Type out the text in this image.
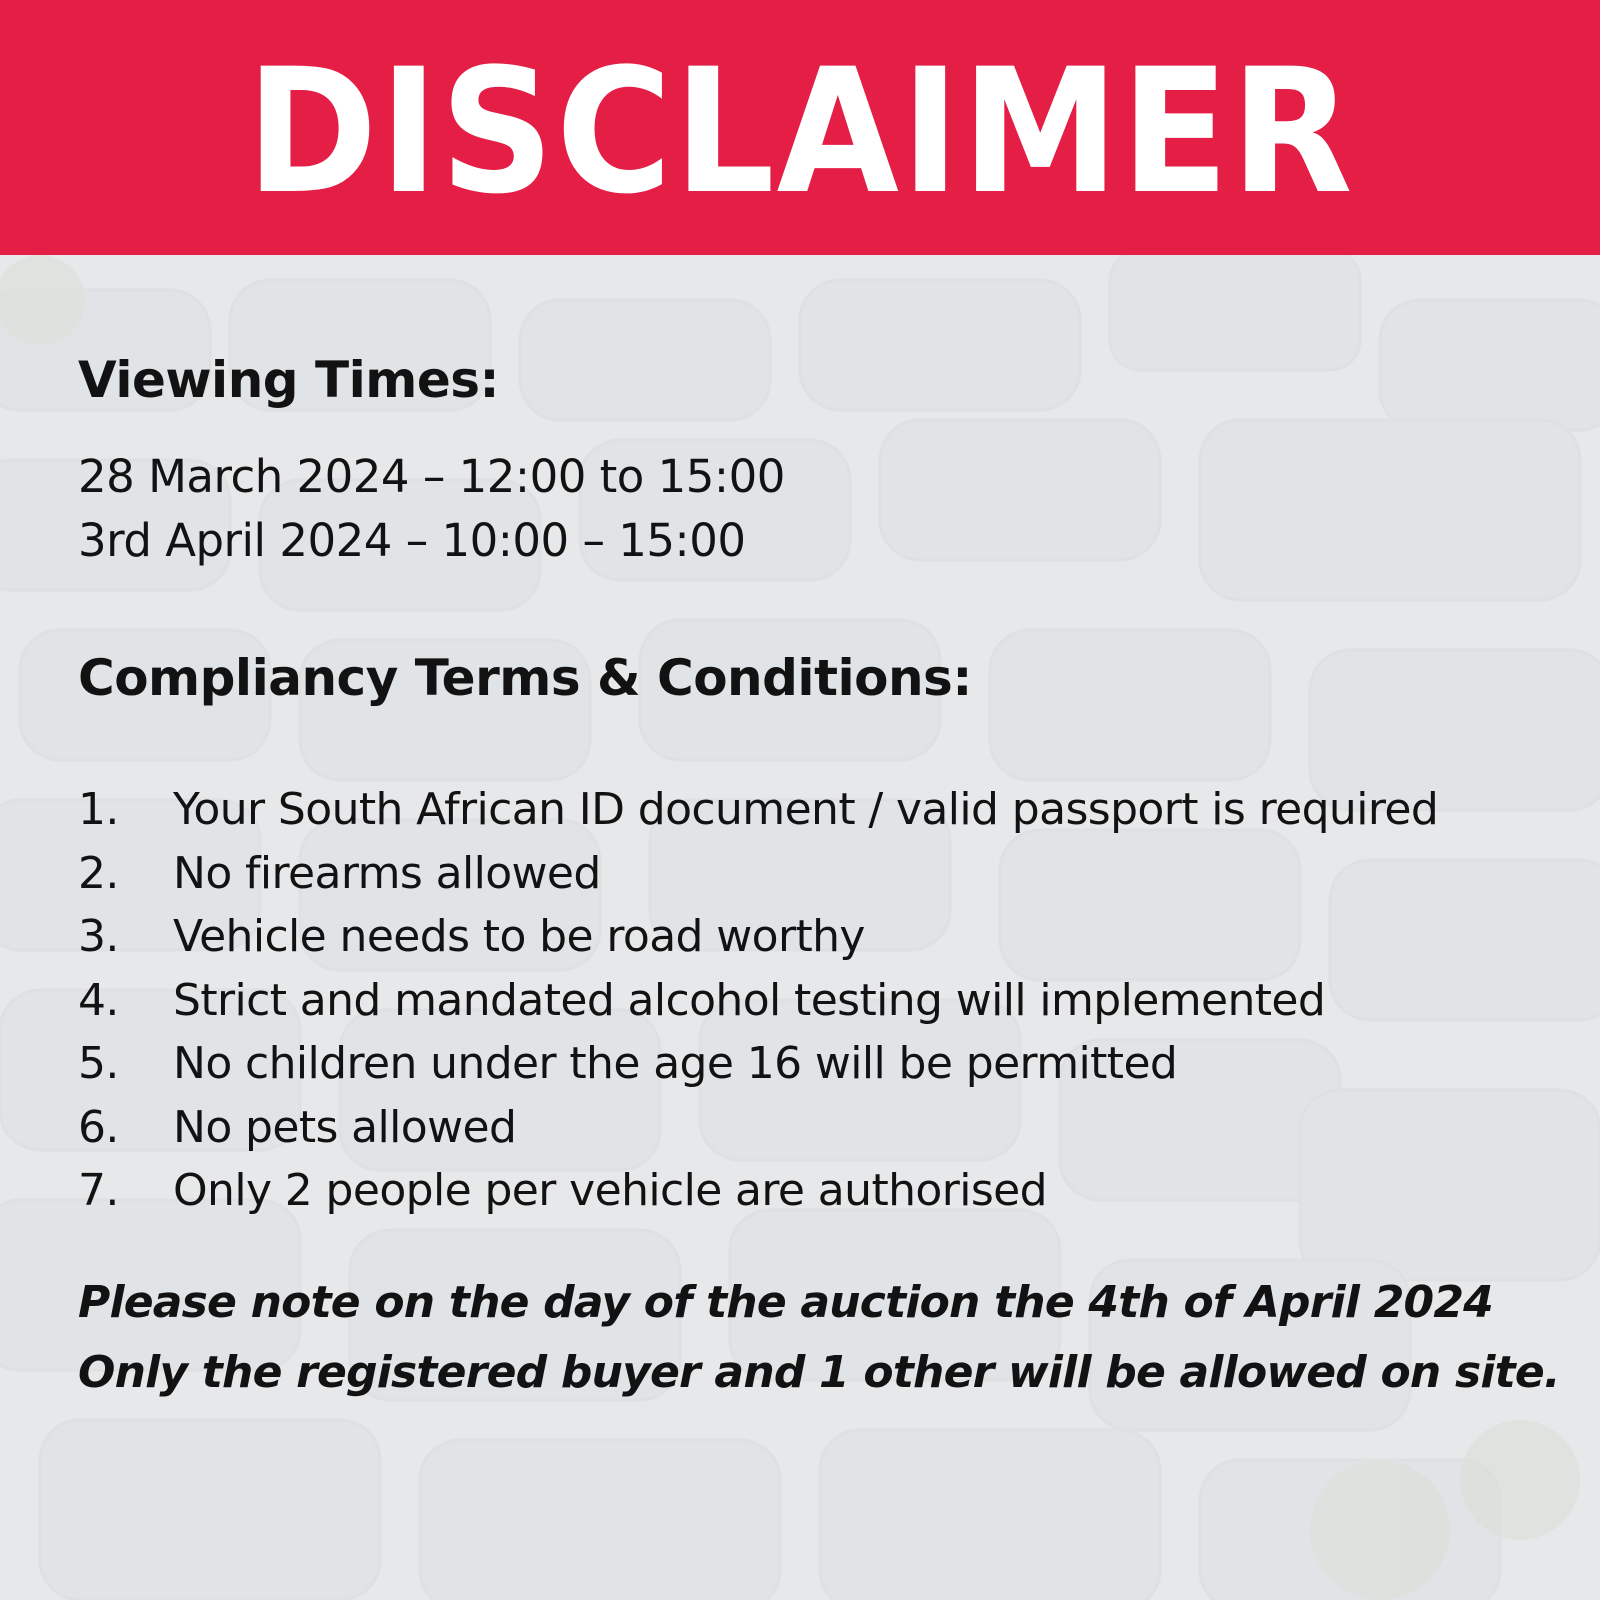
DISCLAIMER
Viewing Times:
28 March 2024 – 12:00 to 15:00
3rd April 2024 – 10:00 – 15:00
Compliancy Terms & Conditions:
1.	Your South African ID document / valid passport is required
2.	No firearms allowed
3.	Vehicle needs to be road worthy
4.	Strict and mandated alcohol testing will implemented
5.	No children under the age 16 will be permitted
6.	No pets allowed
7.	Only 2 people per vehicle are authorised
Please note on the day of the auction the 4th of April 2024
Only the registered buyer and 1 other will be allowed on site.
